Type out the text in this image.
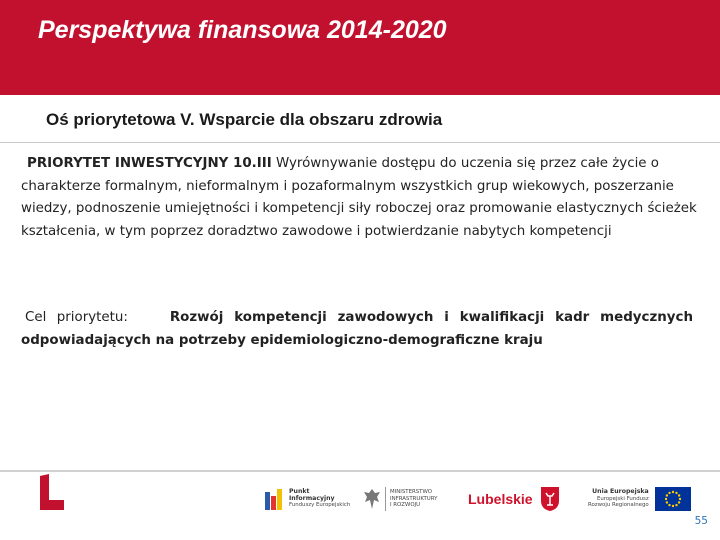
Perspektywa finansowa 2014-2020
Oś priorytetowa V. Wsparcie dla obszaru zdrowia
PRIORYTET INWESTYCYJNY 10.III Wyrównywanie dostępu do uczenia się przez całe życie o charakterze formalnym, nieformalnym i pozaformalnym wszystkich grup wiekowych, poszerzanie wiedzy, podnoszenie umiejętności i kompetencji siły roboczej oraz promowanie elastycznych ścieżek kształcenia, w tym poprzez doradztwo zawodowe i potwierdzanie nabytych kompetencji
Cel priorytetu:	Rozwój kompetencji zawodowych i kwalifikacji kadr medycznych odpowiadających na potrzeby epidemiologiczno-demograficzne kraju
Punkt
Informacyjny
Funduszy Europejskich
MINISTERSTWO
INFRASTRUKTURY
I ROZWOJU	Lubelskie	Unia Europejska
Europejski Fundusz
Rozwoju Regionalnego
55
